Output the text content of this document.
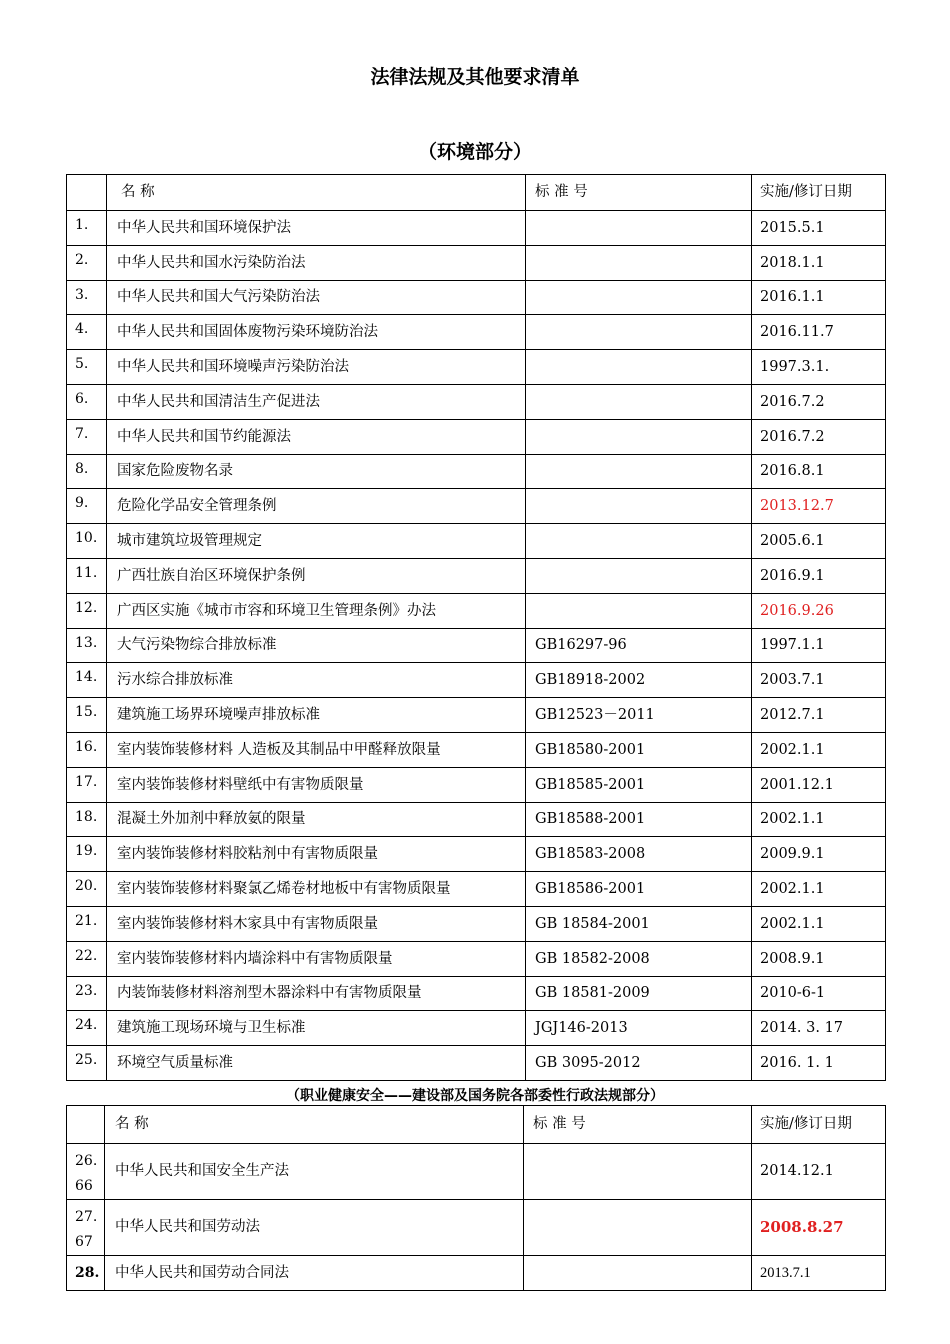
法律法规及其他要求清单
（环境部分）
	名 称	标 准 号	实施/修订日期
1.	中华人民共和国环境保护法		2015.5.1
2.	中华人民共和国水污染防治法		2018.1.1
3.	中华人民共和国大气污染防治法		2016.1.1
4.	中华人民共和国固体废物污染环境防治法		2016.11.7
5.	中华人民共和国环境噪声污染防治法		1997.3.1.
6.	中华人民共和国清洁生产促进法		2016.7.2
7.	中华人民共和国节约能源法		2016.7.2
8.	国家危险废物名录		2016.8.1
9.	危险化学品安全管理条例		2013.12.7
10.	城市建筑垃圾管理规定		2005.6.1
11.	广西壮族自治区环境保护条例		2016.9.1
12.	广西区实施《城市市容和环境卫生管理条例》办法		2016.9.26
13.	大气污染物综合排放标准	GB16297-96	1997.1.1
14.	污水综合排放标准	GB18918-2002	2003.7.1
15.	建筑施工场界环境噪声排放标准	GB12523－2011	2012.7.1
16.	室内装饰装修材料 人造板及其制品中甲醛释放限量	GB18580-2001	2002.1.1
17.	室内装饰装修材料壁纸中有害物质限量	GB18585-2001	2001.12.1
18.	混凝土外加剂中释放氨的限量	GB18588-2001	2002.1.1
19.	室内装饰装修材料胶粘剂中有害物质限量	GB18583-2008	2009.9.1
20.	室内装饰装修材料聚氯乙烯卷材地板中有害物质限量	GB18586-2001	2002.1.1
21.	室内装饰装修材料木家具中有害物质限量	GB 18584-2001	2002.1.1
22.	室内装饰装修材料内墙涂料中有害物质限量	GB 18582-2008	2008.9.1
23.	内装饰装修材料溶剂型木器涂料中有害物质限量	GB 18581-2009	2010-6-1
24.	建筑施工现场环境与卫生标准	JGJ146-2013	2014. 3. 17
25.	环境空气质量标准	GB 3095-2012	2016. 1. 1
（职业健康安全——建设部及国务院各部委性行政法规部分）
	名 称	标 准 号	实施/修订日期

26.
66	中华人民共和国安全生产法		2014.12.1

27.
67	中华人民共和国劳动法		2008.8.27

28.	中华人民共和国劳动合同法		2013.7.1
